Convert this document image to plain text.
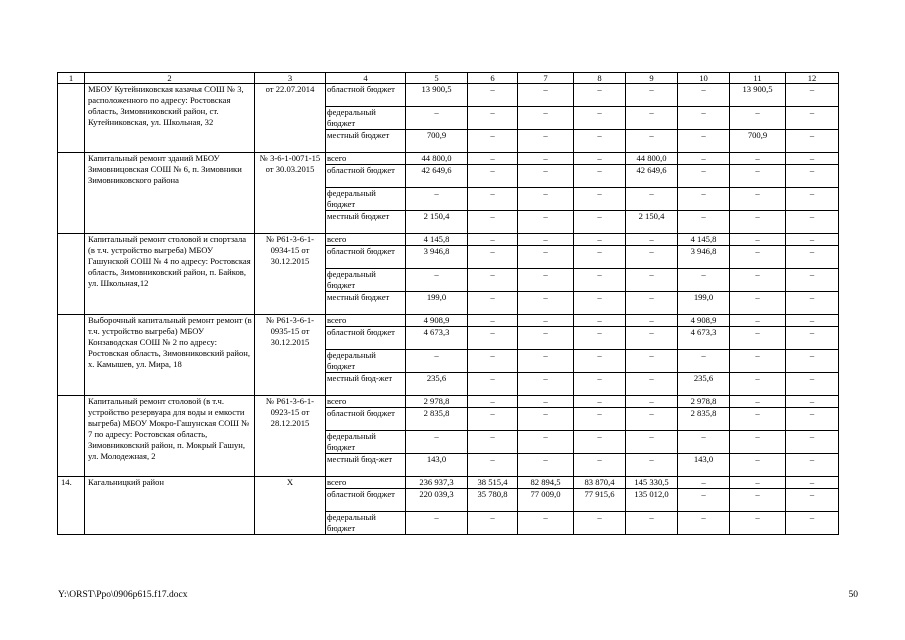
1	2	3	4	5	6	7	8	9	10	11	12
	МБОУ Кутейниковская казачья СОШ № 3, расположенного по адресу: Ростовская область, Зимовниковский район, ст. Кутейниковская, ул. Школьная, 32	от 22.07.2014	областной бюджет	13 900,5	–	–	–	–	–	13 900,5	–
			федеральный бюджет	–	–	–	–	–	–	–	–
			местный бюджет	700,9	–	–	–	–	–	700,9	–
	Капитальный ремонт зданий МБОУ Зимовницовская СОШ № 6, п. Зимовники Зимовниковского района	№ 3-6-1-0071-15 от 30.03.2015	всего	44 800,0	–	–	–	44 800,0	–	–	–
			областной бюджет	42 649,6	–	–	–	42 649,6	–	–	–
			федеральный бюджет	–	–	–	–	–	–	–	–
			местный бюджет	2 150,4	–	–	–	2 150,4	–	–	–
	Капитальный ремонт столовой и спортзала (в т.ч. устройство выгреба) МБОУ Гашунской СОШ № 4 по адресу: Ростовская область, Зимовниковский район, п. Байков, ул. Школьная,12	№ Р61-3-6-1-0934-15 от 30.12.2015	всего	4 145,8	–	–	–	–	4 145,8	–	–
			областной бюджет	3 946,8	–	–	–	–	3 946,8	–	–
			федеральный бюджет	–	–	–	–	–	–	–	–
			местный бюджет	199,0	–	–	–	–	199,0	–	–
	Выборочный капитальный ремонт ремонт (в т.ч. устройство выгреба) МБОУ Конзаводская СОШ № 2 по адресу: Ростовская область, Зимовниковский район, х. Камышев, ул. Мира, 18	№ Р61-3-6-1-0935-15 от 30.12.2015	всего	4 908,9	–	–	–	–	4 908,9	–	–
			областной бюджет	4 673,3	–	–	–	–	4 673,3	–	–
			федеральный бюджет	–	–	–	–	–	–	–	–
			местный бюд-жет	235,6	–	–	–	–	235,6	–	–
	Капитальный ремонт столовой (в т.ч. устройство резервуара для воды и емкости выгреба) МБОУ Мокро-Гашунская СОШ № 7 по адресу: Ростовская область, Зимовниковский район, п. Мокрый Гашун, ул. Молодежная, 2	№ Р61-3-6-1-0923-15 от 28.12.2015	всего	2 978,8	–	–	–	–	2 978,8	–	–
			областной бюджет	2 835,8	–	–	–	–	2 835,8	–	–
			федеральный бюджет	–	–	–	–	–	–	–	–
			местный бюд-жет	143,0	–	–	–	–	143,0	–	–
14.	Кагальницкий район	Х	всего	236 937,3	38 515,4	82 894,5	83 870,4	145 330,5	–	–	–
			областной бюджет	220 039,3	35 780,8	77 009,0	77 915,6	135 012,0	–	–	–
			федеральный бюджет	–	–	–	–	–	–	–	–
Y:\ORST\Ppo\0906p615.f17.docx	50
